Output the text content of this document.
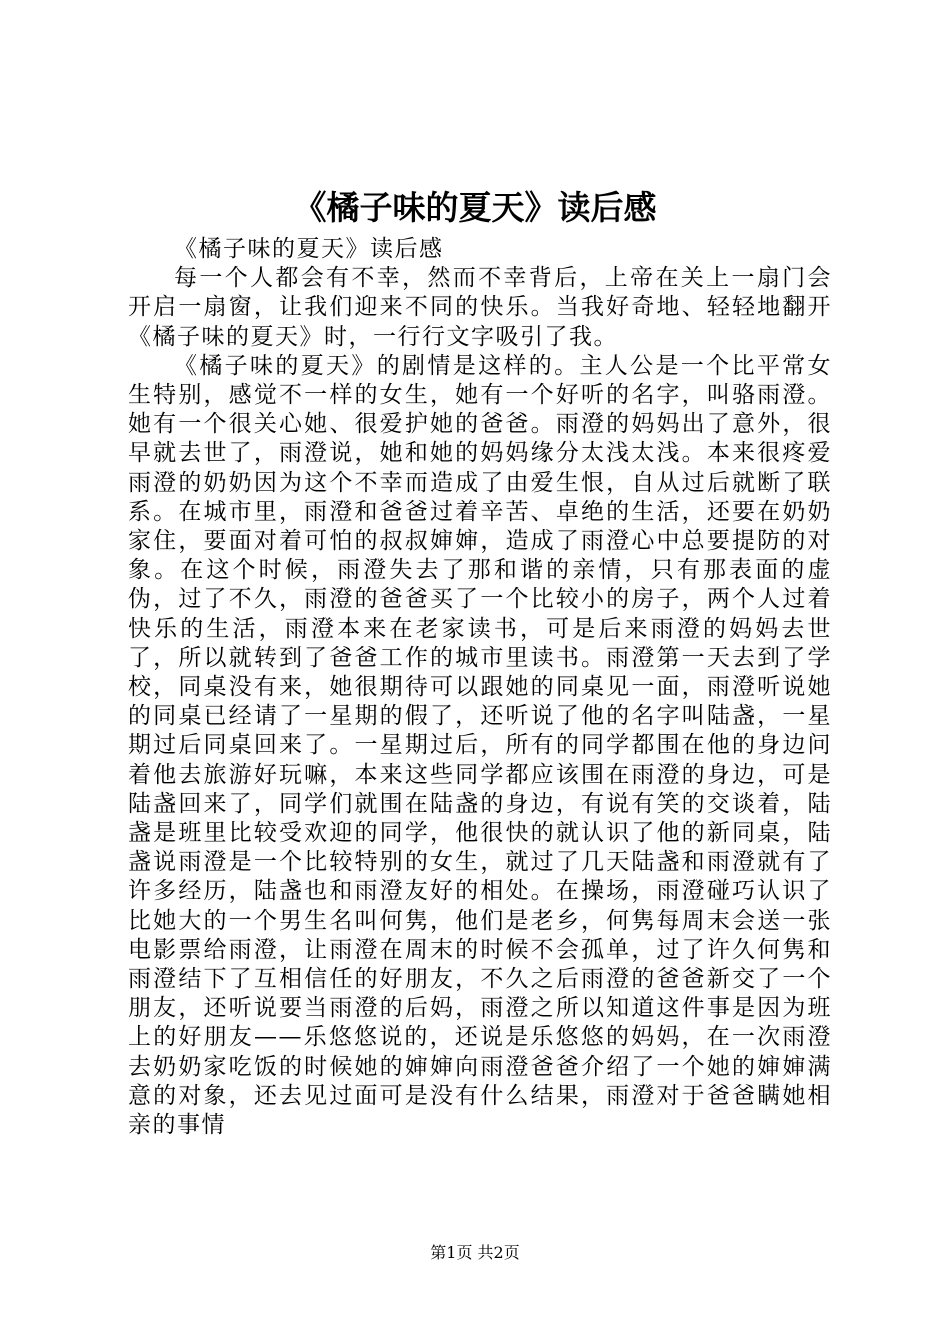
《橘子味的夏天》读后感

《橘子味的夏天》读后感

每一个人都会有不幸，然而不幸背后，上帝在关上一扇门会开启一扇窗，让我们迎来不同的快乐。当我好奇地、轻轻地翻开《橘子味的夏天》时，一行行文字吸引了我。

《橘子味的夏天》的剧情是这样的。主人公是一个比平常女生特别，感觉不一样的女生，她有一个好听的名字，叫骆雨澄。她有一个很关心她、很爱护她的爸爸。雨澄的妈妈出了意外，很早就去世了，雨澄说，她和她的妈妈缘分太浅太浅。本来很疼爱雨澄的奶奶因为这个不幸而造成了由爱生恨，自从过后就断了联系。在城市里，雨澄和爸爸过着辛苦、卓绝的生活，还要在奶奶家住，要面对着可怕的叔叔婶婶，造成了雨澄心中总要提防的对象。在这个时候，雨澄失去了那和谐的亲情，只有那表面的虚伪，过了不久，雨澄的爸爸买了一个比较小的房子，两个人过着快乐的生活，雨澄本来在老家读书，可是后来雨澄的妈妈去世了，所以就转到了爸爸工作的城市里读书。雨澄第一天去到了学校，同桌没有来，她很期待可以跟她的同桌见一面，雨澄听说她的同桌已经请了一星期的假了，还听说了他的名字叫陆盏，一星期过后同桌回来了。一星期过后，所有的同学都围在他的身边问着他去旅游好玩嘛，本来这些同学都应该围在雨澄的身边，可是陆盏回来了，同学们就围在陆盏的身边，有说有笑的交谈着，陆盏是班里比较受欢迎的同学，他很快的就认识了他的新同桌，陆盏说雨澄是一个比较特别的女生，就过了几天陆盏和雨澄就有了许多经历，陆盏也和雨澄友好的相处。在操场，雨澄碰巧认识了比她大的一个男生名叫何隽，他们是老乡，何隽每周末会送一张电影票给雨澄，让雨澄在周末的时候不会孤单，过了许久何隽和雨澄结下了互相信任的好朋友，不久之后雨澄的爸爸新交了一个朋友，还听说要当雨澄的后妈，雨澄之所以知道这件事是因为班上的好朋友——乐悠悠说的，还说是乐悠悠的妈妈，在一次雨澄去奶奶家吃饭的时候她的婶婶向雨澄爸爸介绍了一个她的婶婶满意的对象，还去见过面可是没有什么结果，雨澄对于爸爸瞒她相亲的事情

第1页 共2页
